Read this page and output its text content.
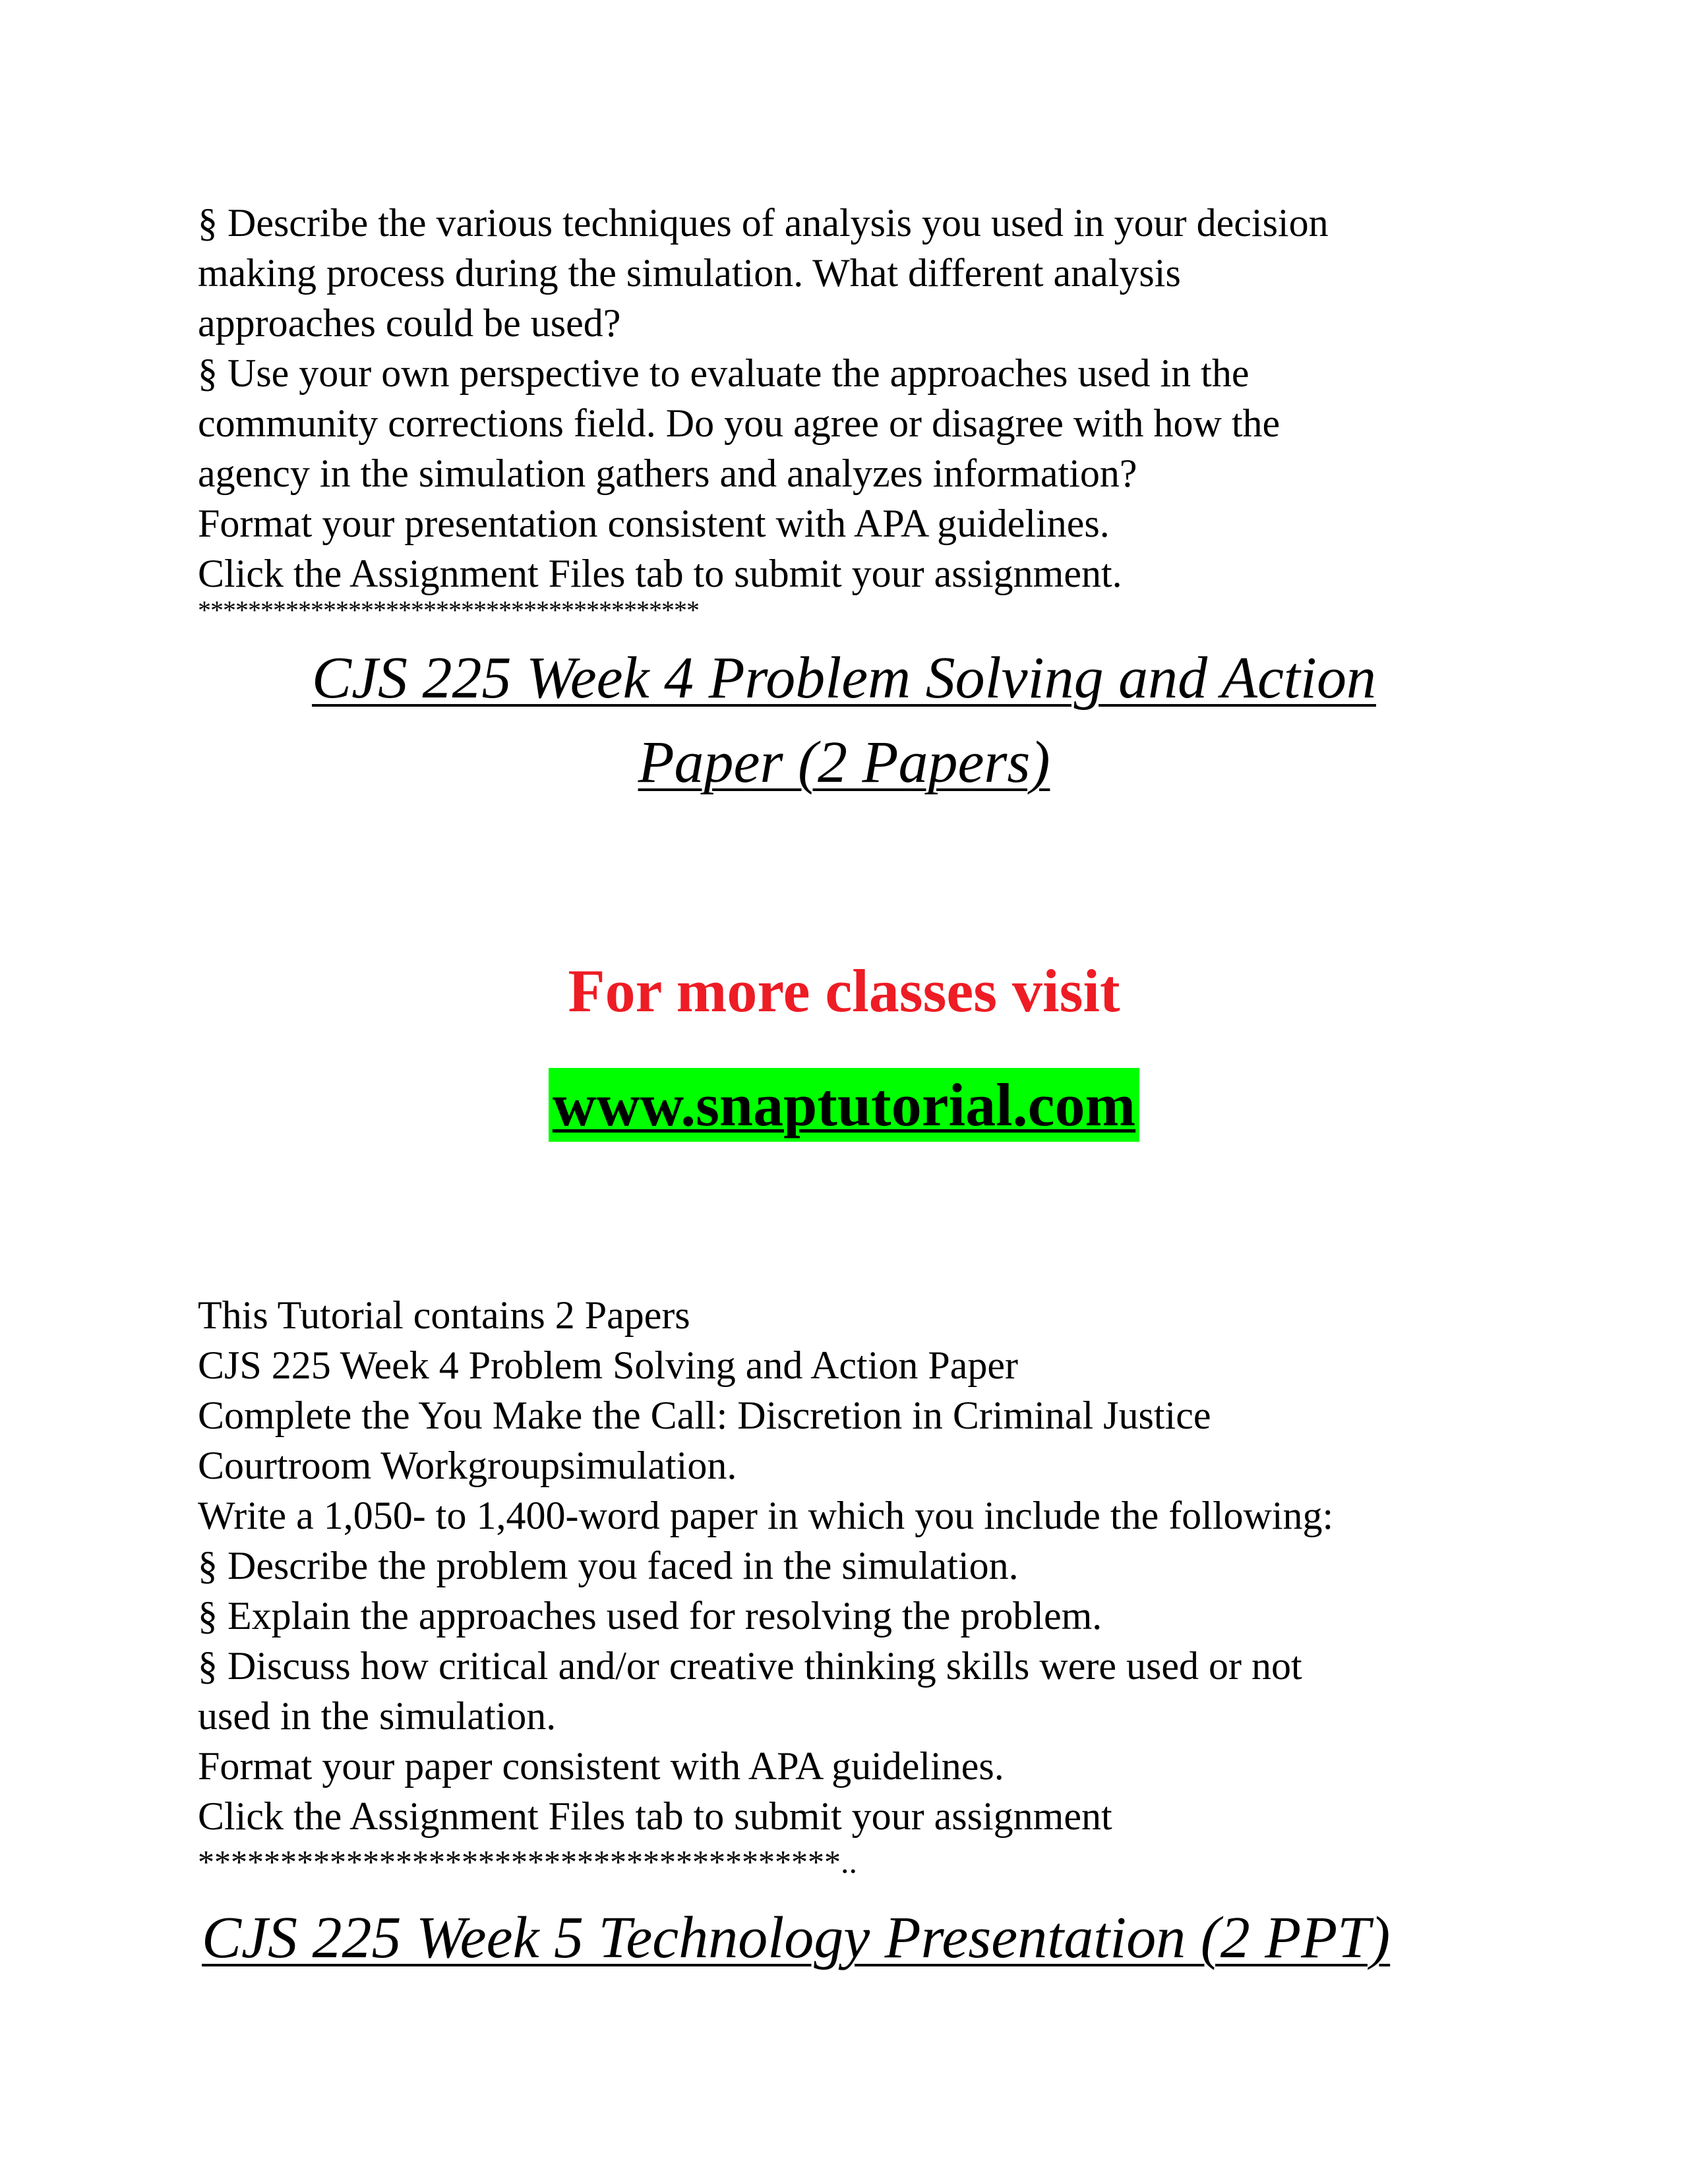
§ Describe the various techniques of analysis you used in your decision
making process during the simulation. What different analysis
approaches could be used?
§ Use your own perspective to evaluate the approaches used in the
community corrections field. Do you agree or disagree with how the
agency in the simulation gathers and analyzes information?
Format your presentation consistent with APA guidelines.
Click the Assignment Files tab to submit your assignment.
****************************************
CJS 225 Week 4 Problem Solving and Action
Paper (2 Papers)
For more classes visit
www.snaptutorial.com
This Tutorial contains 2 Papers
CJS 225 Week 4 Problem Solving and Action Paper
Complete the You Make the Call: Discretion in Criminal Justice
Courtroom Workgroupsimulation.
Write a 1,050- to 1,400-word paper in which you include the following:
§ Describe the problem you faced in the simulation.
§ Explain the approaches used for resolving the problem.
§ Discuss how critical and/or creative thinking skills were used or not
used in the simulation.
Format your paper consistent with APA guidelines.
Click the Assignment Files tab to submit your assignment
***************************************..
CJS 225 Week 5 Technology Presentation (2 PPT)
